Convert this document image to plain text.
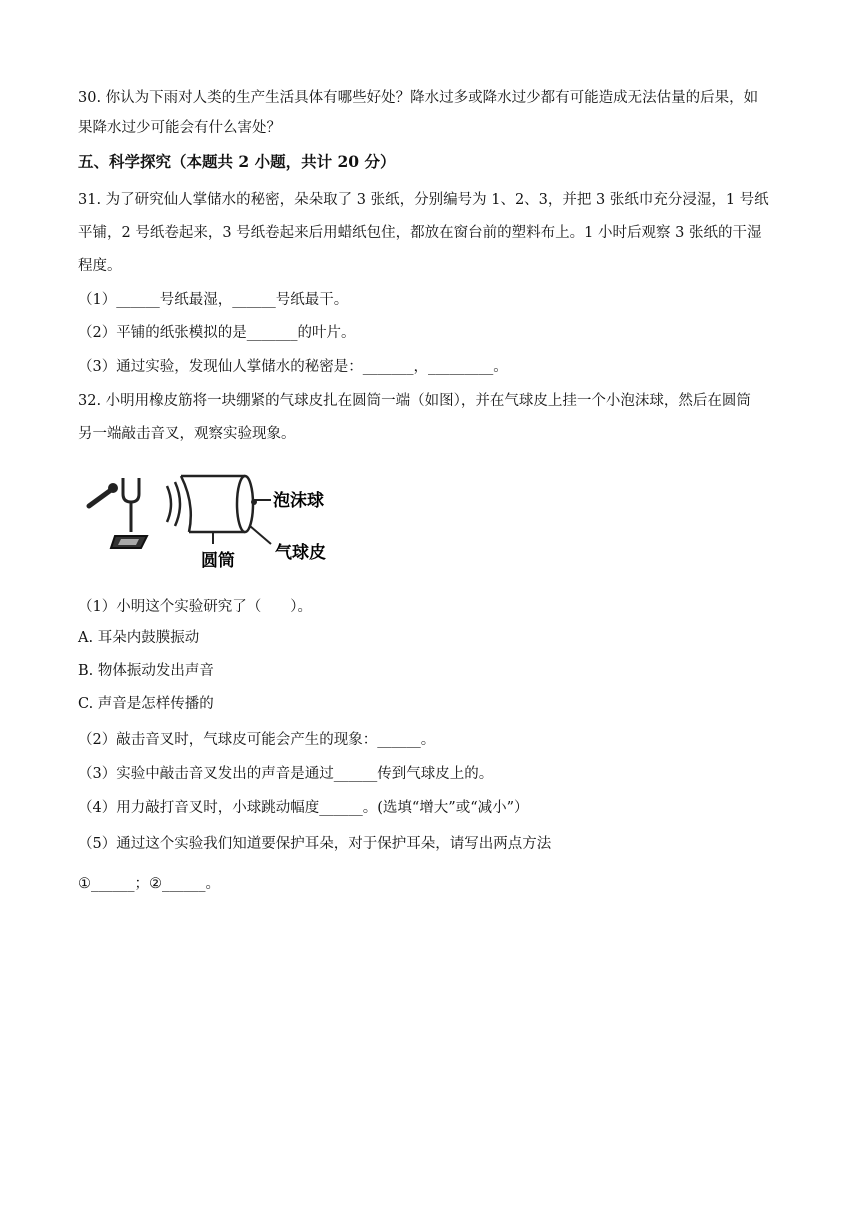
30. 你认为下雨对人类的生产生活具体有哪些好处？降水过多或降水过少都有可能造成无法估量的后果，如
果降水过少可能会有什么害处？
五、科学探究（本题共 2 小题，共计 20 分）
31. 为了研究仙人掌储水的秘密，朵朵取了 3 张纸，分别编号为 1、2、3，并把 3 张纸巾充分浸湿，1 号纸
平铺，2 号纸卷起来，3 号纸卷起来后用蜡纸包住，都放在窗台前的塑料布上。1 小时后观察 3 张纸的干湿
程度。
（1）______号纸最湿，______号纸最干。
（2）平铺的纸张模拟的是_______的叶片。
（3）通过实验，发现仙人掌储水的秘密是：_______，_________。
32. 小明用橡皮筋将一块绷紧的气球皮扎在圆筒一端（如图），并在气球皮上挂一个小泡沫球，然后在圆筒
另一端敲击音叉，观察实验现象。
泡沫球
气球皮
圆筒
（1）小明这个实验研究了（　　）。
A. 耳朵内鼓膜振动
B. 物体振动发出声音
C. 声音是怎样传播的
（2）敲击音叉时，气球皮可能会产生的现象：______。
（3）实验中敲击音叉发出的声音是通过______传到气球皮上的。
（4）用力敲打音叉时，小球跳动幅度______。(选填“增大”或“减小”）
（5）通过这个实验我们知道要保护耳朵，对于保护耳朵，请写出两点方法
①______；②______。
